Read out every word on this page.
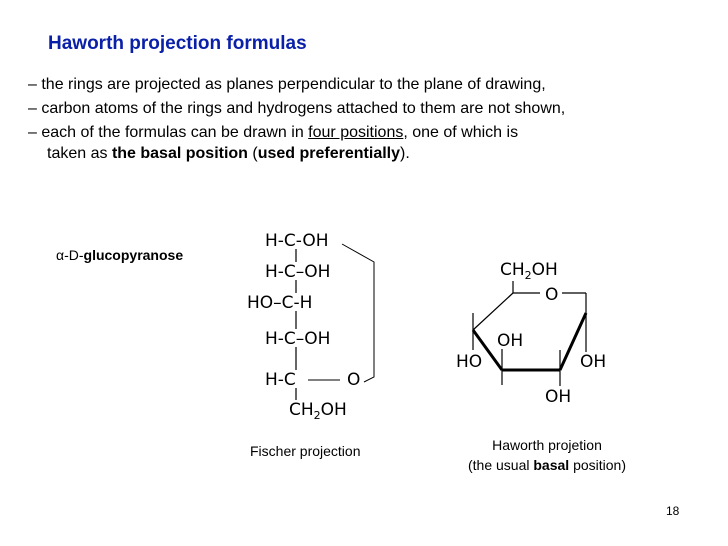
Haworth projection formulas
– the rings are projected as planes perpendicular to the plane of drawing,
– carbon atoms of the rings and hydrogens attached to them are not shown,
– each of the formulas can be drawn in four positions, one of which is
taken as the basal position (used preferentially).
α-D-glucopyranose
H-C-OH
H-C–OH
HO–C-H
H-C–OH
H-C	O
$CH_2OH$
$CH_2OH$
O
OH
HO	OH
OH
Fischer projection	Haworth projetion
(the usual basal position)
18
